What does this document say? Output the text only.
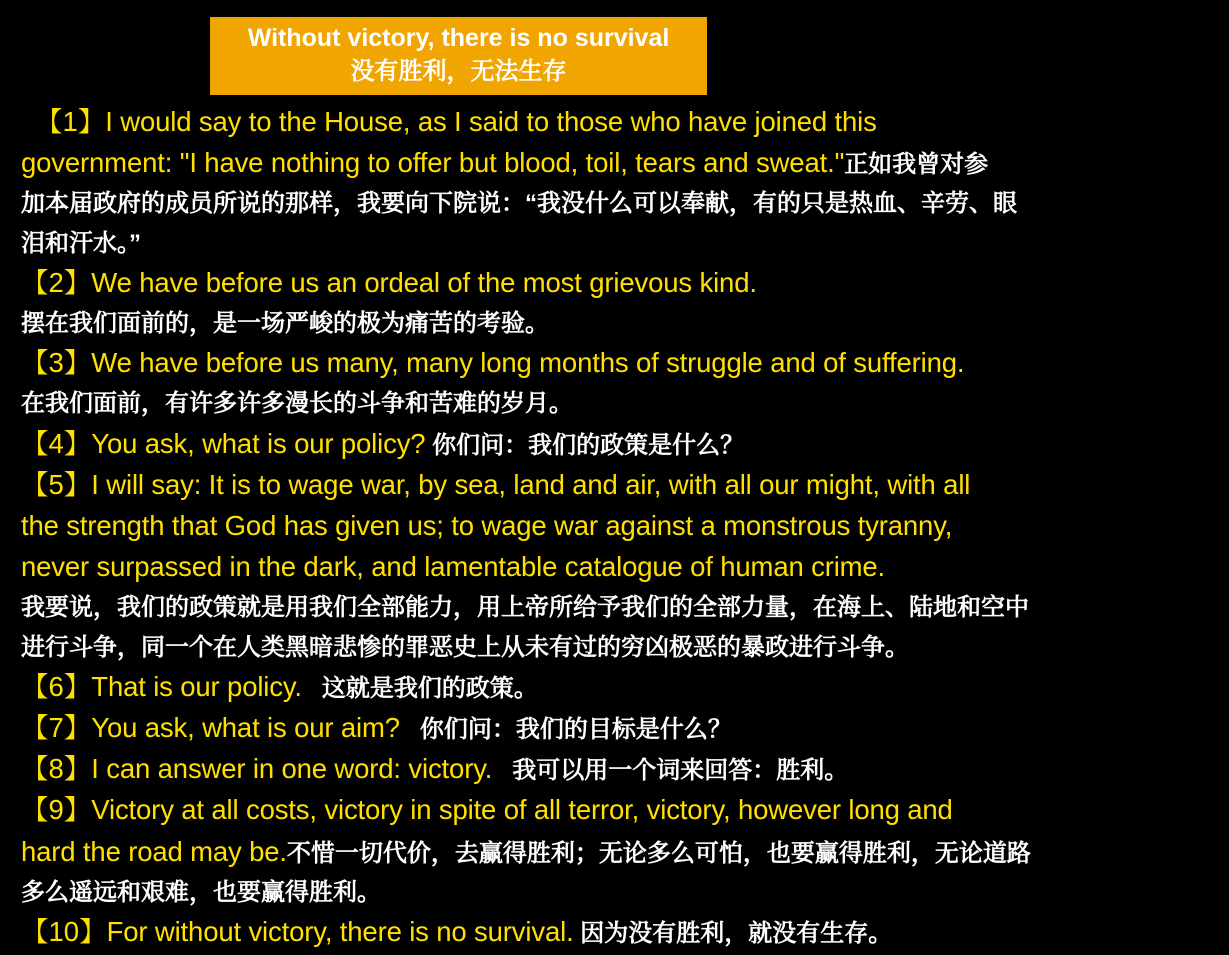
Without victory, there is no survival
没有胜利，无法生存
【1】I would say to the House, as I said to those who have joined this
government: "I have nothing to offer but blood, toil, tears and sweat."正如我曾对参
加本届政府的成员所说的那样，我要向下院说：“我没什么可以奉献，有的只是热血、辛劳、眼
泪和汗水。”
【2】We have before us an ordeal of the most grievous kind.
摆在我们面前的，是一场严峻的极为痛苦的考验。
【3】We have before us many, many long months of struggle and of suffering.
在我们面前，有许多许多漫长的斗争和苦难的岁月。
【4】You ask, what is our policy? 你们问：我们的政策是什么？
【5】I will say: It is to wage war, by sea, land and air, with all our might, with all
the strength that God has given us; to wage war against a monstrous tyranny,
never surpassed in the dark, and lamentable catalogue of human crime.
我要说，我们的政策就是用我们全部能力，用上帝所给予我们的全部力量，在海上、陆地和空中
进行斗争，同一个在人类黑暗悲惨的罪恶史上从未有过的穷凶极恶的暴政进行斗争。
【6】That is our policy.   这就是我们的政策。
【7】You ask, what is our aim?   你们问：我们的目标是什么？
【8】I can answer in one word: victory.   我可以用一个词来回答：胜利。
【9】Victory at all costs, victory in spite of all terror, victory, however long and
hard the road may be.不惜一切代价，去赢得胜利；无论多么可怕，也要赢得胜利，无论道路
多么遥远和艰难，也要赢得胜利。
【10】For without victory, there is no survival. 因为没有胜利，就没有生存。
